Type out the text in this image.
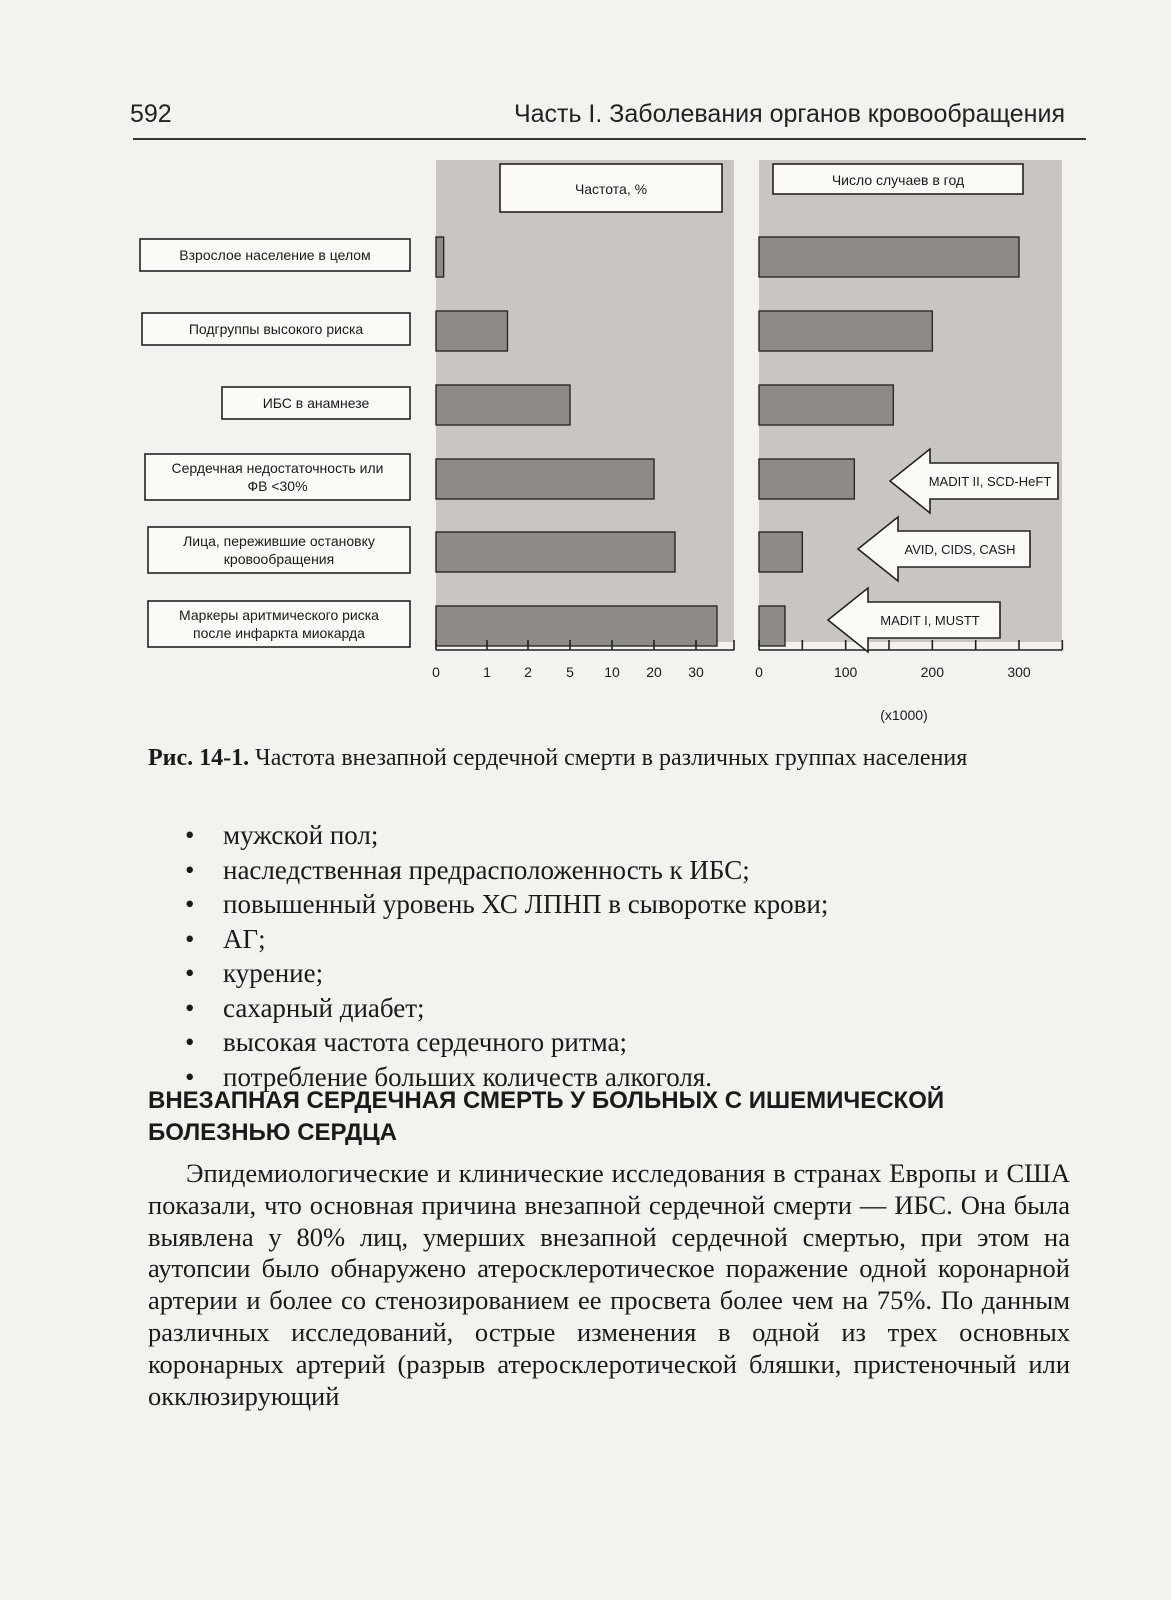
592	Часть I. Заболевания органов кровообращения
Взрослое население в целом
Подгруппы высокого риска
ИБС в анамнезе
Сердечная недостаточность или
ФВ <30%
Лица, пережившие остановку
кровообращения
Маркеры аритмического риска
после инфаркта миокарда
Частота, %
Число случаев в год
0	1 2 5 10 20 30	0	100	200	300
(x1000)
MADIT II, SCD-HeFT
AVID, CIDS, CASH
MADIT I, MUSTT
Рис. 14-1. Частота внезапной сердечной смерти в различных группах населения
• мужской пол;
• наследственная предрасположенность к ИБС;
• повышенный уровень ХС ЛПНП в сыворотке крови;
• АГ;
• курение;
• сахарный диабет;
• высокая частота сердечного ритма;
• потребление больших количеств алкоголя.
ВНЕЗАПНАЯ СЕРДЕЧНАЯ СМЕРТЬ У БОЛЬНЫХ С ИШЕМИЧЕСКОЙ БОЛЕЗНЬЮ СЕРДЦА
Эпидемиологические и клинические исследования в странах Европы и США показали, что основная причина внезапной сердечной смерти — ИБС. Она была выявлена у 80% лиц, умерших внезапной сердечной смертью, при этом на аутопсии было обнаружено атеросклеротическое поражение одной коронарной артерии и более со стенозированием ее просвета более чем на 75%. По данным различных исследований, острые изменения в одной из трех основных коронарных артерий (разрыв атеросклеротической бляшки, пристеночный или окклюзирующий
